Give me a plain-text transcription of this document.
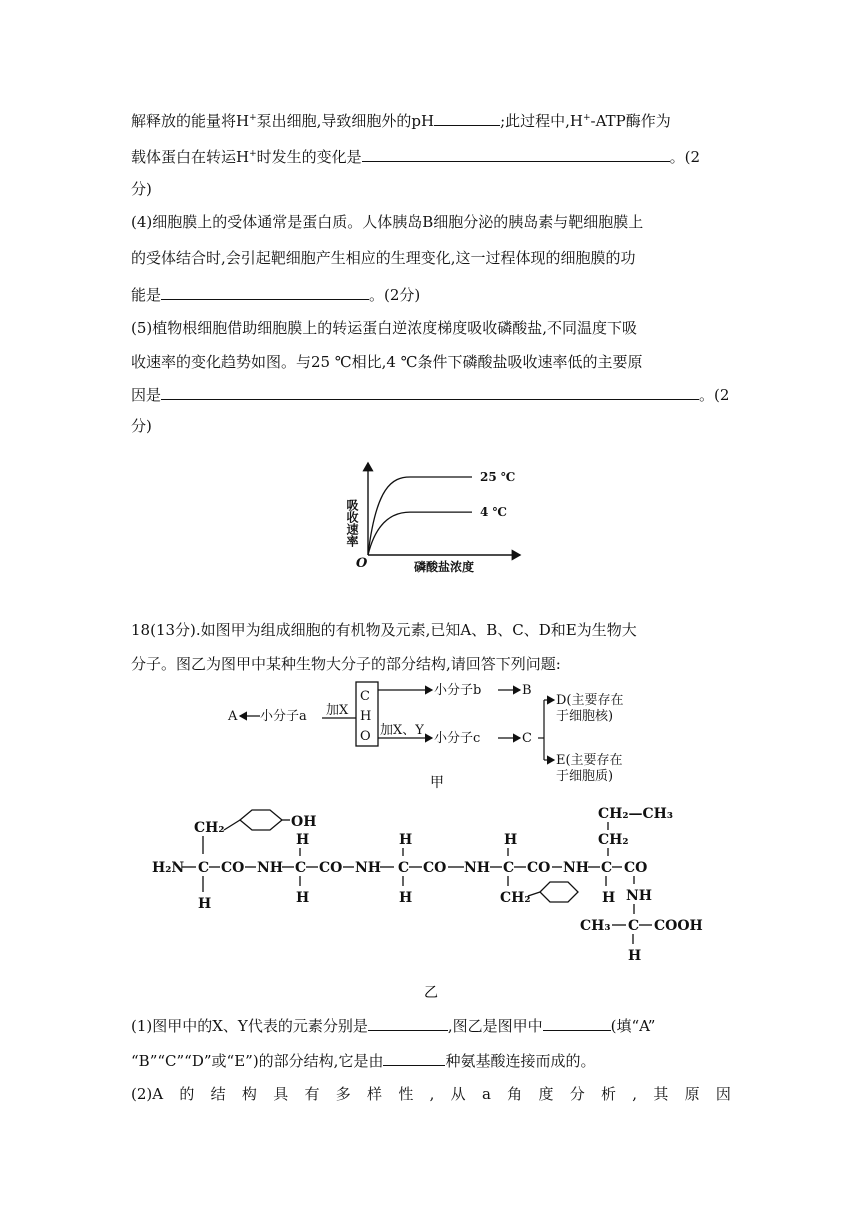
解释放的能量将H+泵出细胞,导致细胞外的pH	;此过程中,H+-ATP酶作为
载体蛋白在转运H+时发生的变化是	。(2
分)
(4)细胞膜上的受体通常是蛋白质。人体胰岛B细胞分泌的胰岛素与靶细胞膜上
的受体结合时,会引起靶细胞产生相应的生理变化,这一过程体现的细胞膜的功
能是	。(2分)
(5)植物根细胞借助细胞膜上的转运蛋白逆浓度梯度吸收磷酸盐,不同温度下吸
收速率的变化趋势如图。与25 ℃相比,4 ℃条件下磷酸盐吸收速率低的主要原
因是	。(2
分)
吸收速率
磷酸盐浓度
O
25 ℃
4 ℃
18(13分).如图甲为组成细胞的有机物及元素,已知A、B、C、D和E为生物大
分子。图乙为图甲中某种生物大分子的部分结构,请回答下列问题:
C
H
O
加X
小分子a
A
小分子b	B
加X、Y
小分子c	C
D(主要存在
于细胞核)
E(主要存在
于细胞质)
甲
H₂N C CO NH C CO NH C CO NH C CO NH C CO
CH₂	OH
H
H
H
H
H
H
CH₂
CH₂—CH₃
CH₂
H NH
CH₃ C COOH
H
乙
(1)图甲中的X、Y代表的元素分别是	,图乙是图甲中	(填“A”
“B”“C”“D”或“E”)的部分结构,它是由	种氨基酸连接而成的。
(2)A 的 结 构 具 有 多 样 性 , 从 a 角 度 分 析 , 其 原 因
